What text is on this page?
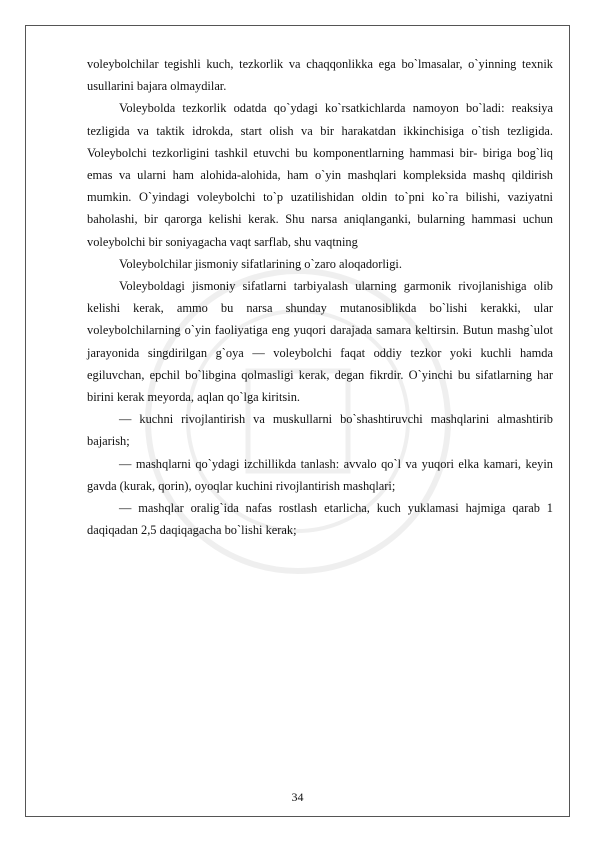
voleybolchilar tegishli kuch, tezkorlik va chaqqonlikka ega bo`lmasalar, o`yinning texnik usullarini bajara olmaydilar.

Voleybolda tezkorlik odatda qo`ydagi ko`rsatkichlarda namoyon bo`ladi: reaksiya tezligida va taktik idrokda, start olish va bir harakatdan ikkinchisiga o`tish tezligida. Voleybolchi tezkorligini tashkil etuvchi bu komponentlarning hammasi bir- biriga bog`liq emas va ularni ham alohida-alohida, ham o`yin mashqlari kompleksida mashq qildirish mumkin. O`yindagi voleybolchi to`p uzatilishidan oldin to`pni ko`ra bilishi, vaziyatni baholashi, bir qarorga kelishi kerak. Shu narsa aniqlanganki, bularning hammasi uchun voleybolchi bir soniyagacha vaqt sarflab, shu vaqtning

Voleybolchilar jismoniy sifatlarining o`zaro aloqadorligi.

Voleyboldagi jismoniy sifatlarni tarbiyalash ularning garmonik rivojlanishiga olib kelishi kerak, ammo bu narsa shunday mutanosiblikda bo`lishi kerakki, ular voleybolchilarning o`yin faoliyatiga eng yuqori darajada samara keltirsin. Butun mashg`ulot jarayonida singdirilgan g`oya — voleybolchi faqat oddiy tezkor yoki kuchli hamda egiluvchan, epchil bo`libgina qolmasligi kerak, degan fikrdir. O`yinchi bu sifatlarning har birini kerak meyorda, aqlan qo`lga kiritsin.

— kuchni rivojlantirish va muskullarni bo`shashtiruvchi mashqlarini almashtirib bajarish;

— mashqlarni qo`ydagi izchillikda tanlash: avvalo qo`l va yuqori elka kamari, keyin gavda (kurak, qorin), oyoqlar kuchini rivojlantirish mashqlari;

— mashqlar oralig`ida nafas rostlash etarlicha, kuch yuklamasi hajmiga qarab 1 daqiqadan 2,5 daqiqagacha bo`lishi kerak;

34
